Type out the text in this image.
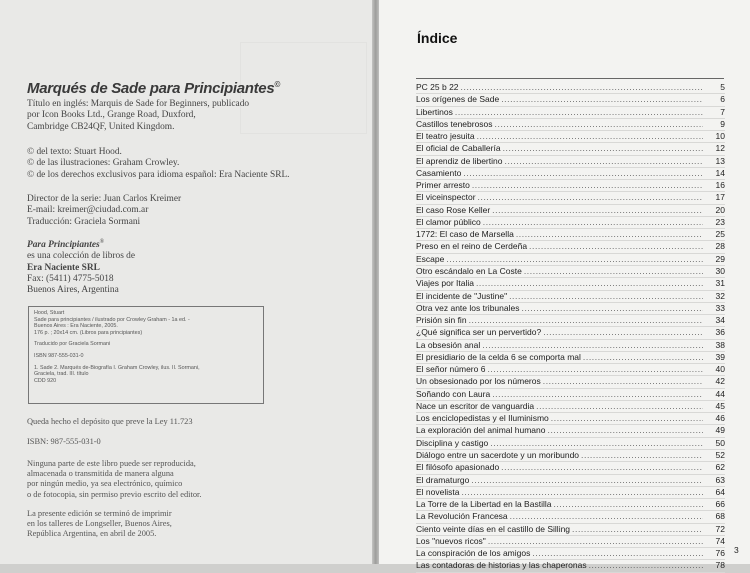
Marqués de Sade para Principiantes©
Título en inglés: Marquis de Sade for Beginners, publicado
por Icon Books Ltd., Grange Road, Duxford,
Cambridge CB24QF, United Kingdom.
© del texto: Stuart Hood.
© de las ilustraciones: Graham Crowley.
© de los derechos exclusivos para idioma español: Era Naciente SRL.
Director de la serie: Juan Carlos Kreimer
E-mail: kreimer@ciudad.com.ar
Traducción: Graciela Sormani
Para Principiantes®
es una colección de libros de
Era Naciente SRL
Fax: (5411) 4775-5018
Buenos Aires, Argentina
Hood, Stuart
Sade para principiantes / ilustrado por Crowley Graham - 1a ed. -
Buenos Aires : Era Naciente, 2005.
176 p. ; 20x14 cm. (Libros para principiantes)
Traducido por Graciela Sormani
ISBN 987-555-031-0
1. Sade 2. Marqués de-Biografía I. Graham Crowley, ilus. II. Sormani,
Graciela, trad. III. título
CDD 920
Queda hecho el depósito que preve la Ley 11.723
ISBN: 987-555-031-0
Ninguna parte de este libro puede ser reproducida,
almacenada o transmitida de manera alguna
por ningún medio, ya sea electrónico, químico
o de fotocopia, sin permiso previo escrito del editor.
La presente edición se terminó de imprimir
en los talleres de Longseller, Buenos Aires,
República Argentina, en abril de 2005.
Índice
PC 25 b 22 .....	5
Los orígenes de Sade .....	6
Libertinos .....	7
Castillos tenebrosos .....	9
El teatro jesuita .....	10
El oficial de Caballería .....	12
El aprendiz de libertino .....	13
Casamiento .....	14
Primer arresto .....	16
El viceinspector .....	17
El caso Rose Keller .....	20
El clamor público .....	23
1772: El caso de Marsella .....	25
Preso en el reino de Cerdeña .....	28
Escape .....	29
Otro escándalo en La Coste .....	30
Viajes por Italia .....	31
El incidente de "Justine" .....	32
Otra vez ante los tribunales .....	33
Prisión sin fin .....	34
¿Qué significa ser un pervertido? .....	36
La obsesión anal .....	38
El presidiario de la celda 6 se comporta mal .....	39
El señor número 6 .....	40
Un obsesionado por los números .....	42
Soñando con Laura .....	44
Nace un escritor de vanguardia .....	45
Los enciclopedistas y el Iluminismo .....	46
La exploración del animal humano .....	49
Disciplina y castigo .....	50
Diálogo entre un sacerdote y un moribundo .....	52
El filósofo apasionado .....	62
El dramaturgo .....	63
El novelista .....	64
La Torre de la Libertad en la Bastilla .....	66
La Revolución Francesa .....	68
Ciento veinte días en el castillo de Silling .....	72
Los "nuevos ricos" .....	74
La conspiración de los amigos .....	76
Las contadoras de historias y las chaperonas .....	78
3
